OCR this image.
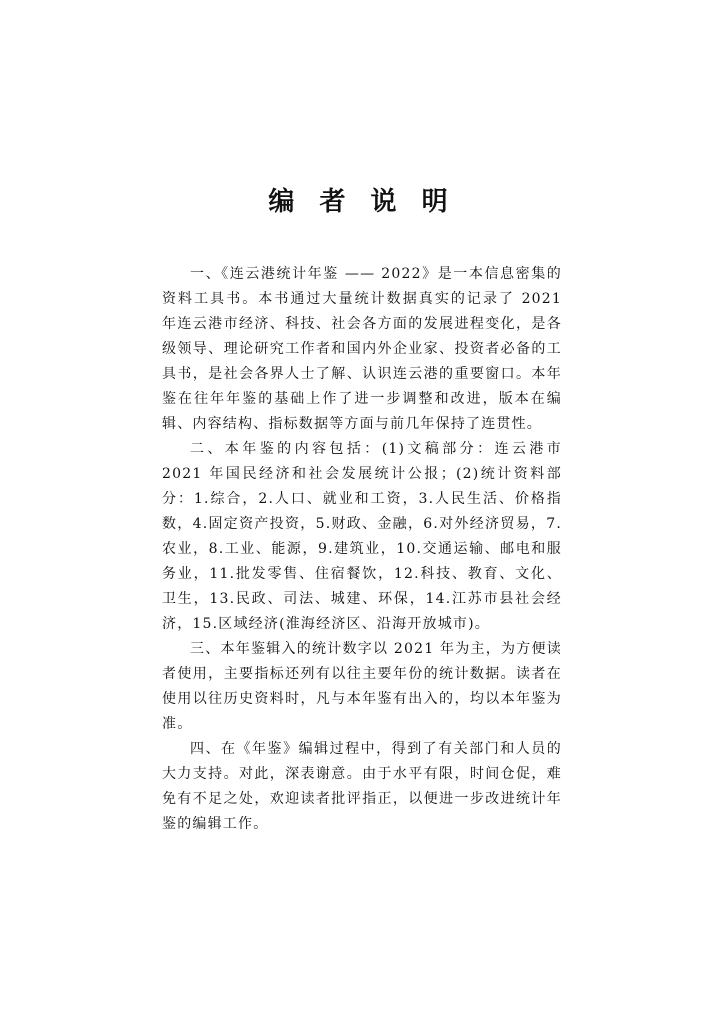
编 者 说 明

一、《连云港统计年鉴 —— 2022》是一本信息密集的资料工具书。本书通过大量统计数据真实的记录了 2021 年连云港市经济、科技、社会各方面的发展进程变化，是各级领导、理论研究工作者和国内外企业家、投资者必备的工具书，是社会各界人士了解、认识连云港的重要窗口。本年鉴在往年年鉴的基础上作了进一步调整和改进，版本在编辑、内容结构、指标数据等方面与前几年保持了连贯性。

二、本年鉴的内容包括：(1)文稿部分：连云港市 2021 年国民经济和社会发展统计公报；(2)统计资料部分：1.综合，2.人口、就业和工资，3.人民生活、价格指数，4.固定资产投资，5.财政、金融，6.对外经济贸易，7.农业，8.工业、能源，9.建筑业，10.交通运输、邮电和服务业，11.批发零售、住宿餐饮，12.科技、教育、文化、卫生，13.民政、司法、城建、环保，14.江苏市县社会经济，15.区域经济(淮海经济区、沿海开放城市)。

三、本年鉴辑入的统计数字以 2021 年为主，为方便读者使用，主要指标还列有以往主要年份的统计数据。读者在使用以往历史资料时，凡与本年鉴有出入的，均以本年鉴为准。

四、在《年鉴》编辑过程中，得到了有关部门和人员的大力支持。对此，深表谢意。由于水平有限，时间仓促，难免有不足之处，欢迎读者批评指正，以便进一步改进统计年鉴的编辑工作。
